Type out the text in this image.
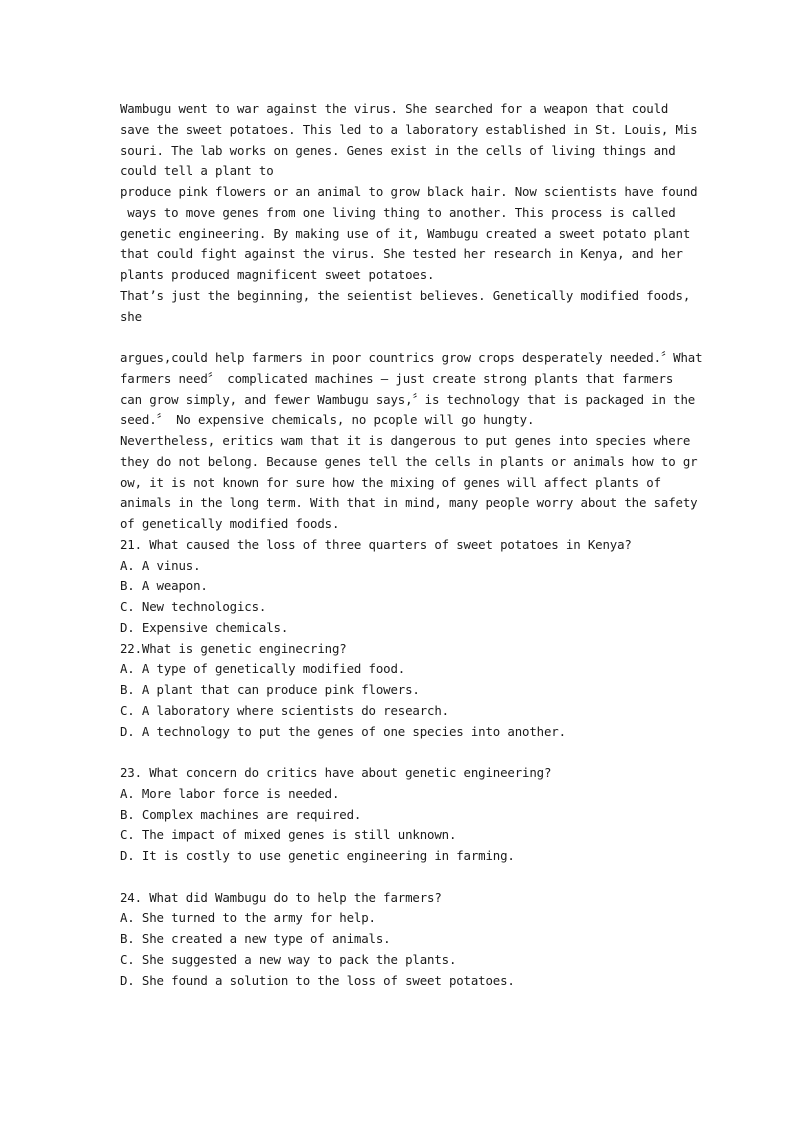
Wambugu went to war against the virus. She searched for a weapon that could
save the sweet potatoes. This led to a laboratory established in St. Louis, Mis
souri. The lab works on genes. Genes exist in the cells of living things and
could tell a plant to
produce pink flowers or an animal to grow black hair. Now scientists have found
ways to move genes from one living thing to another. This process is called
genetic engineering. By making use of it, Wambugu created a sweet potato plant
that could fight against the virus. She tested her research in Kenya, and her
plants produced magnificent sweet potatoes.
That’s just the beginning, the seientist believes. Genetically modified foods,
she
argues,could help farmers in poor countrics grow crops desperately needed.〞What
farmers need〞 complicated machines — just create strong plants that farmers
can grow simply, and fewer Wambugu says,〞is technology that is packaged in the
seed.〞 No expensive chemicals, no pcople will go hungty.
Nevertheless, eritics wam that it is dangerous to put genes into species where
they do not belong. Because genes tell the cells in plants or animals how to gr
ow, it is not known for sure how the mixing of genes will affect plants of
animals in the long term. With that in mind, many people worry about the safety
of genetically modified foods.
21. What caused the loss of three quarters of sweet potatoes in Kenya?
A. A vinus.
B. A weapon.
C. New technologics.
D. Expensive chemicals.
22.What is genetic enginecring?
A. A type of genetically modified food.
B. A plant that can produce pink flowers.
C. A laboratory where scientists do research.
D. A technology to put the genes of one species into another.
23. What concern do critics have about genetic engineering?
A. More labor force is needed.
B. Complex machines are required.
C. The impact of mixed genes is still unknown.
D. It is costly to use genetic engineering in farming.
24. What did Wambugu do to help the farmers?
A. She turned to the army for help.
B. She created a new type of animals.
C. She suggested a new way to pack the plants.
D. She found a solution to the loss of sweet potatoes.
